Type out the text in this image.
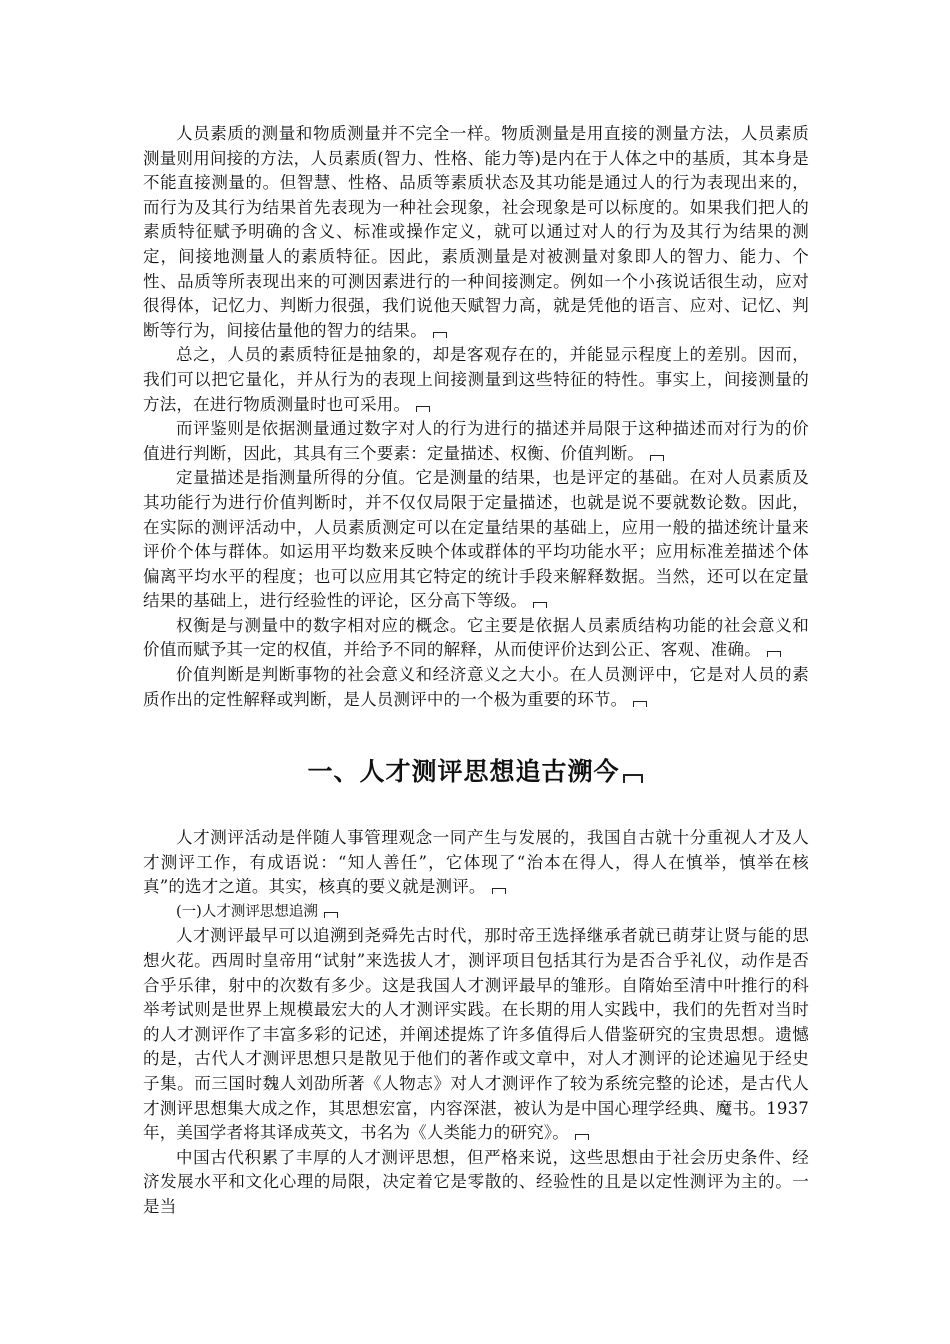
人员素质的测量和物质测量并不完全一样。物质测量是用直接的测量方法，人员素质测量则用间接的方法，人员素质(智力、性格、能力等)是内在于人体之中的基质，其本身是不能直接测量的。但智慧、性格、品质等素质状态及其功能是通过人的行为表现出来的，而行为及其行为结果首先表现为一种社会现象，社会现象是可以标度的。如果我们把人的素质特征赋予明确的含义、标准或操作定义，就可以通过对人的行为及其行为结果的测定，间接地测量人的素质特征。因此，素质测量是对被测量对象即人的智力、能力、个性、品质等所表现出来的可测因素进行的一种间接测定。例如一个小孩说话很生动，应对很得体，记忆力、判断力很强，我们说他天赋智力高，就是凭他的语言、应对、记忆、判断等行为，间接估量他的智力的结果。

总之，人员的素质特征是抽象的，却是客观存在的，并能显示程度上的差别。因而，我们可以把它量化，并从行为的表现上间接测量到这些特征的特性。事实上，间接测量的方法，在进行物质测量时也可采用。

而评鉴则是依据测量通过数字对人的行为进行的描述并局限于这种描述而对行为的价值进行判断，因此，其具有三个要素：定量描述、权衡、价值判断。

定量描述是指测量所得的分值。它是测量的结果，也是评定的基础。在对人员素质及其功能行为进行价值判断时，并不仅仅局限于定量描述，也就是说不要就数论数。因此，在实际的测评活动中，人员素质测定可以在定量结果的基础上，应用一般的描述统计量来评价个体与群体。如运用平均数来反映个体或群体的平均功能水平；应用标准差描述个体偏离平均水平的程度；也可以应用其它特定的统计手段来解释数据。当然，还可以在定量结果的基础上，进行经验性的评论，区分高下等级。

权衡是与测量中的数字相对应的概念。它主要是依据人员素质结构功能的社会意义和价值而赋予其一定的权值，并给予不同的解释，从而使评价达到公正、客观、准确。

价值判断是判断事物的社会意义和经济意义之大小。在人员测评中，它是对人员的素质作出的定性解释或判断，是人员测评中的一个极为重要的环节。

一、人才测评思想追古溯今

人才测评活动是伴随人事管理观念一同产生与发展的，我国自古就十分重视人才及人才测评工作，有成语说：“知人善任”，它体现了“治本在得人，得人在慎举，慎举在核真”的选才之道。其实，核真的要义就是测评。

(一)人才测评思想追溯

人才测评最早可以追溯到尧舜先古时代，那时帝王选择继承者就已萌芽让贤与能的思想火花。西周时皇帝用“试射”来选拔人才，测评项目包括其行为是否合乎礼仪，动作是否合乎乐律，射中的次数有多少。这是我国人才测评最早的雏形。自隋始至清中叶推行的科举考试则是世界上规模最宏大的人才测评实践。在长期的用人实践中，我们的先哲对当时的人才测评作了丰富多彩的记述，并阐述提炼了许多值得后人借鉴研究的宝贵思想。遗憾的是，古代人才测评思想只是散见于他们的著作或文章中，对人才测评的论述遍见于经史子集。而三国时魏人刘劭所著《人物志》对人才测评作了较为系统完整的论述，是古代人才测评思想集大成之作，其思想宏富，内容深湛，被认为是中国心理学经典、魔书。1937年，美国学者将其译成英文，书名为《人类能力的研究》。

中国古代积累了丰厚的人才测评思想，但严格来说，这些思想由于社会历史条件、经济发展水平和文化心理的局限，决定着它是零散的、经验性的且是以定性测评为主的。一是当
